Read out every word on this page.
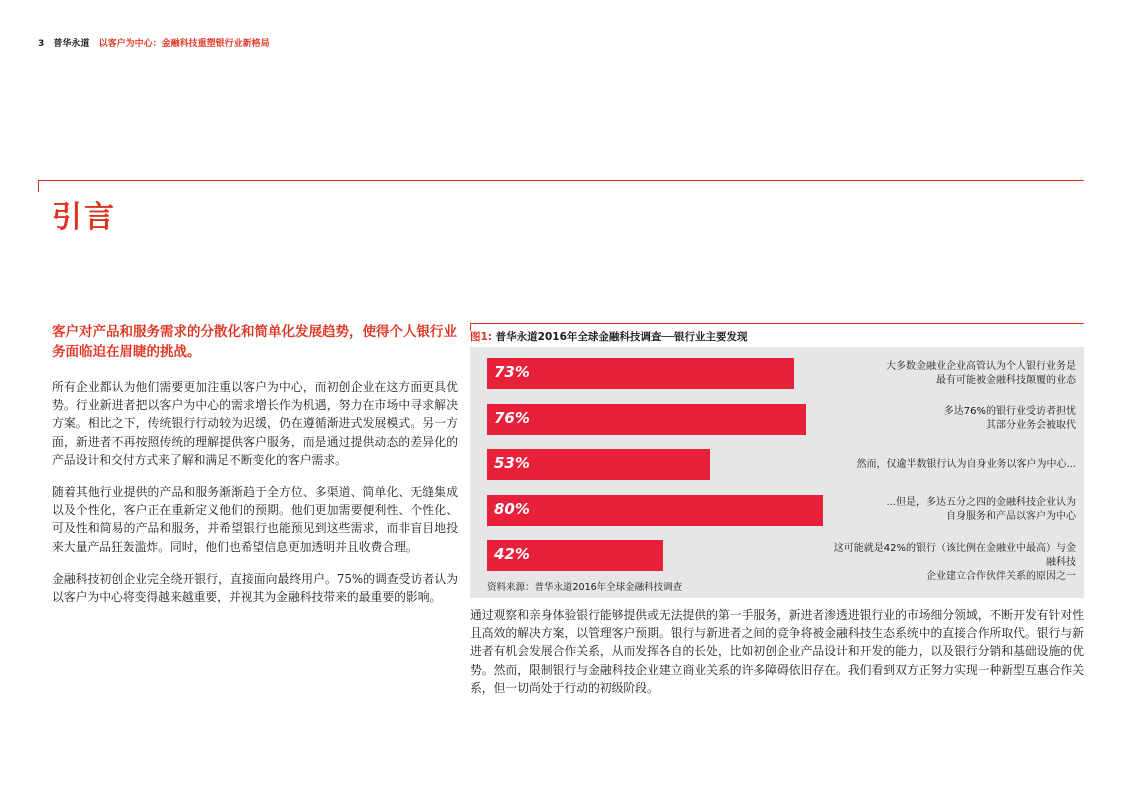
3 普华永道 以客户为中心：金融科技重塑银行业新格局
引言

客户对产品和服务需求的分散化和简单化发展趋势，使得个人银行业务面临迫在眉睫的挑战。

所有企业都认为他们需要更加注重以客户为中心，而初创企业在这方面更具优势。行业新进者把以客户为中心的需求增长作为机遇，努力在市场中寻求解决方案。相比之下，传统银行行动较为迟缓，仍在遵循渐进式发展模式。另一方面，新进者不再按照传统的理解提供客户服务，而是通过提供动态的差异化的产品设计和交付方式来了解和满足不断变化的客户需求。

随着其他行业提供的产品和服务渐渐趋于全方位、多渠道、简单化、无缝集成以及个性化，客户正在重新定义他们的预期。他们更加需要便利性、个性化、可及性和简易的产品和服务，并希望银行也能预见到这些需求，而非盲目地投来大量产品狂轰滥炸。同时，他们也希望信息更加透明并且收费合理。

金融科技初创企业完全绕开银行，直接面向最终用户。75%的调查受访者认为以客户为中心将变得越来越重要，并视其为金融科技带来的最重要的影响。

图1: 普华永道2016年全球金融科技调查──银行业主要发现
资料来源：普华永道2016年全球金融科技调查
73%	大多数金融业企业高管认为个人银行业务是
最有可能被金融科技颠覆的业态
76%	多达76%的银行业受访者担忧
其部分业务会被取代
53%	然而，仅逾半数银行认为自身业务以客户为中心...
80%	...但是，多达五分之四的金融科技企业认为
自身服务和产品以客户为中心
42%	这可能就是42%的银行（该比例在金融业中最高）与金融科技
企业建立合作伙伴关系的原因之一

通过观察和亲身体验银行能够提供或无法提供的第一手服务，新进者渗透进银行业的市场细分领域，不断开发有针对性且高效的解决方案，以管理客户预期。银行与新进者之间的竞争将被金融科技生态系统中的直接合作所取代。银行与新进者有机会发展合作关系，从而发挥各自的长处，比如初创企业产品设计和开发的能力，以及银行分销和基础设施的优势。然而，限制银行与金融科技企业建立商业关系的许多障碍依旧存在。我们看到双方正努力实现一种新型互惠合作关系，但一切尚处于行动的初级阶段。
